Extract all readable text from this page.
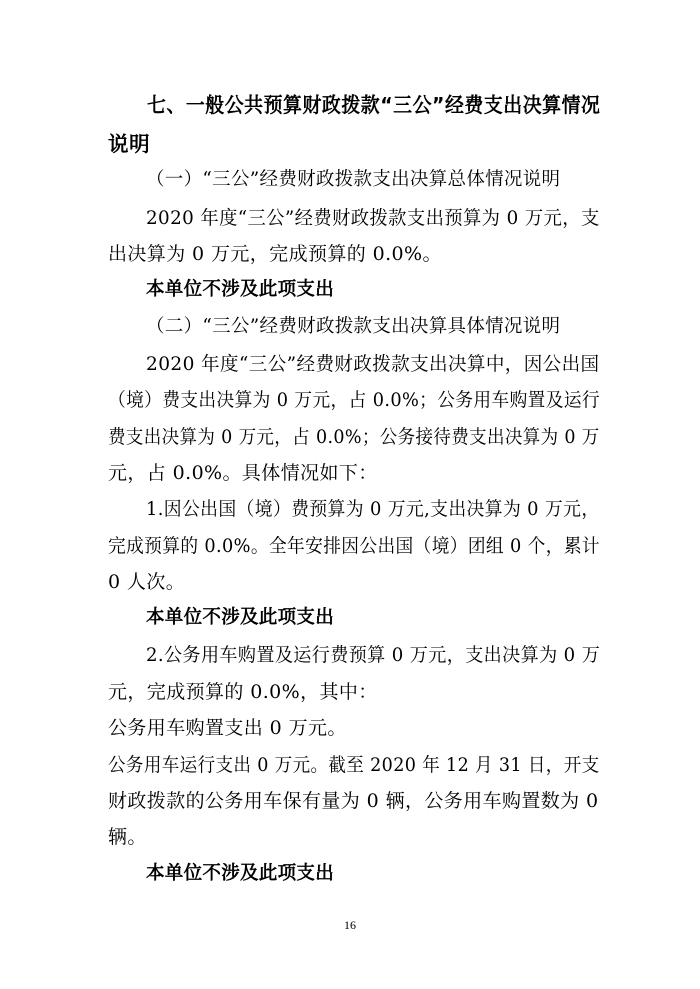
七、一般公共预算财政拨款“三公”经费支出决算情况
说明
（一）“三公”经费财政拨款支出决算总体情况说明
2020 年度“三公”经费财政拨款支出预算为 0 万元，支
出决算为 0 万元，完成预算的 0.0%。
本单位不涉及此项支出
（二）“三公”经费财政拨款支出决算具体情况说明
2020 年度“三公”经费财政拨款支出决算中，因公出国
（境）费支出决算为 0 万元，占 0.0%；公务用车购置及运行
费支出决算为 0 万元，占 0.0%；公务接待费支出决算为 0 万
元，占 0.0%。具体情况如下：
1.因公出国（境）费预算为 0 万元,支出决算为 0 万元，
完成预算的 0.0%。全年安排因公出国（境）团组 0 个，累计
0 人次。
本单位不涉及此项支出
2.公务用车购置及运行费预算 0 万元，支出决算为 0 万
元，完成预算的 0.0%，其中：
公务用车购置支出 0 万元。
公务用车运行支出 0 万元。截至 2020 年 12 月 31 日，开支
财政拨款的公务用车保有量为 0 辆，公务用车购置数为 0
辆。
本单位不涉及此项支出
16
